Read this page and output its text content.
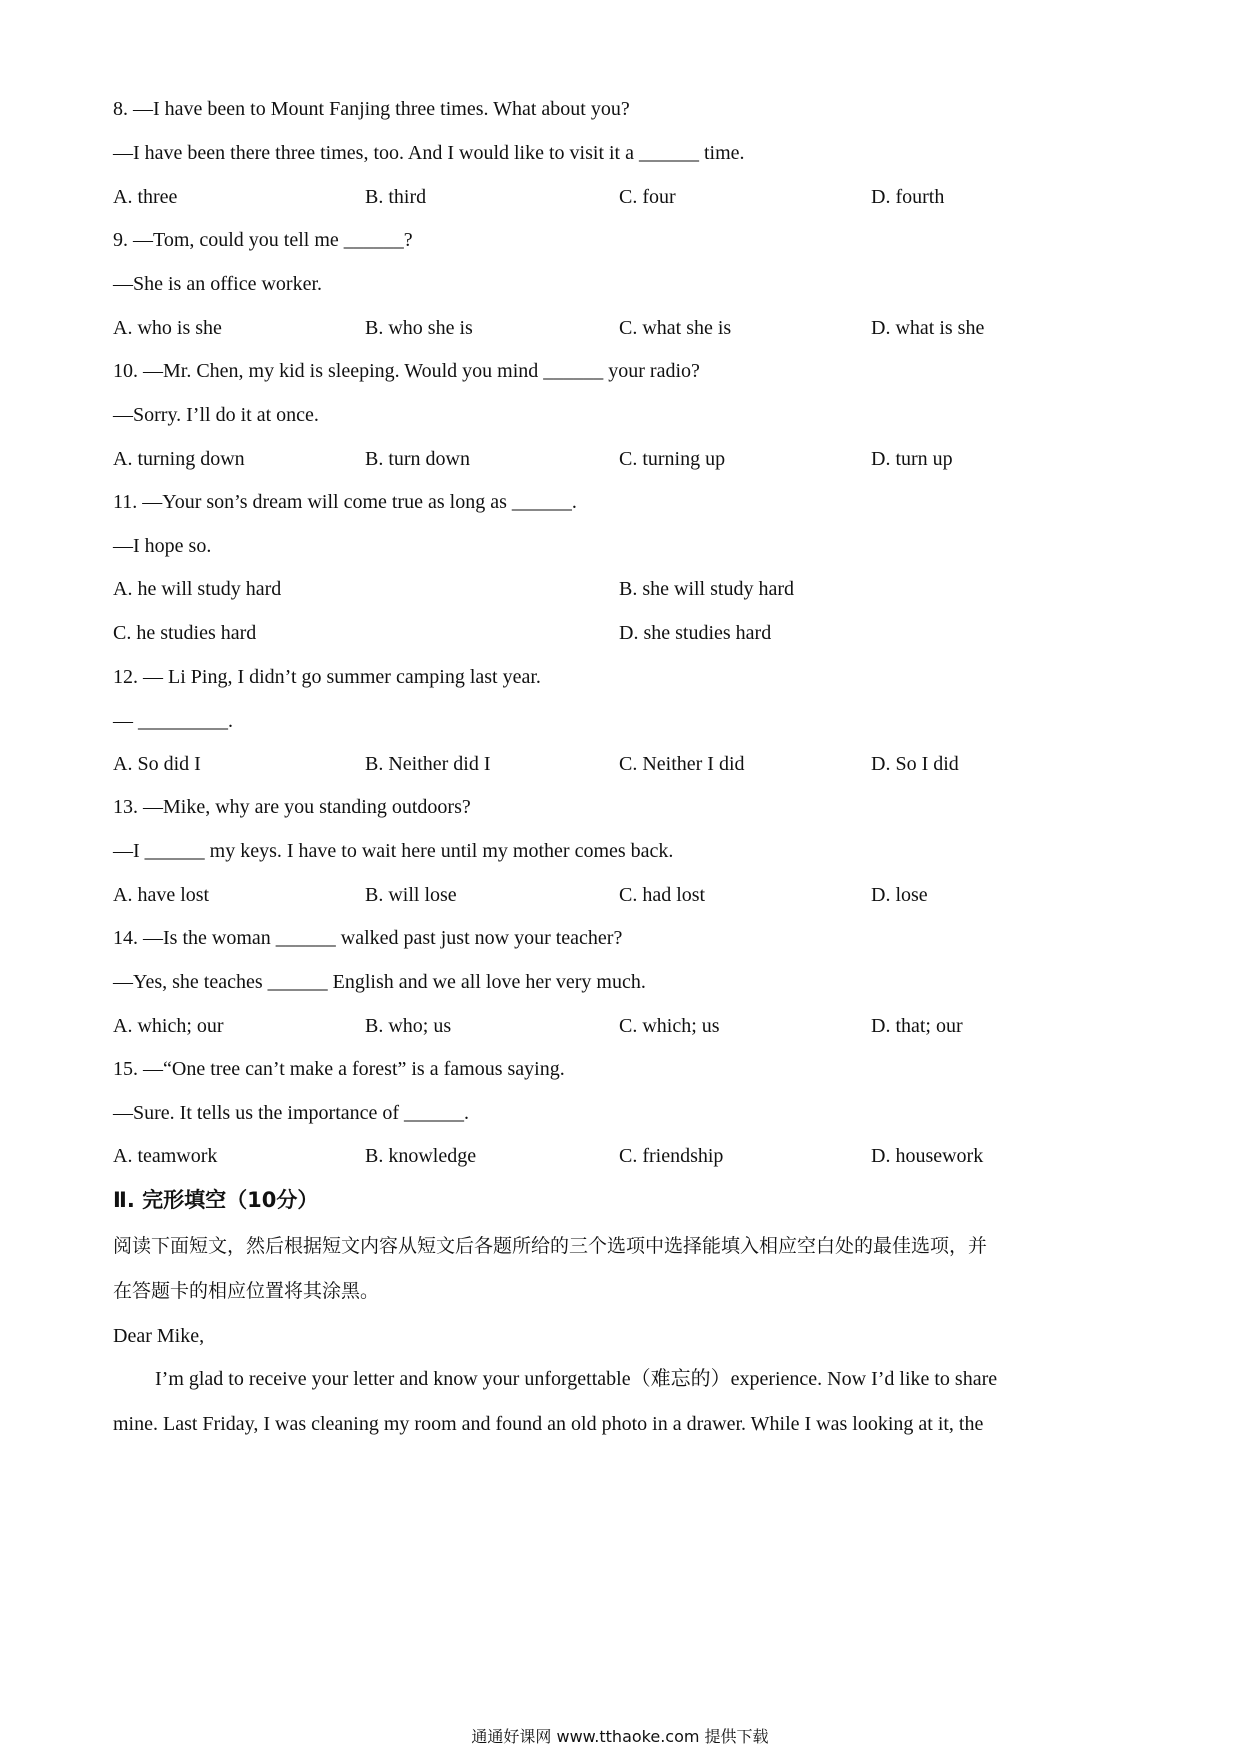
8. —I have been to Mount Fanjing three times. What about you?
—I have been there three times, too. And I would like to visit it a ______ time.
A. three	B. third	C. four	D. fourth
9. —Tom, could you tell me ______?
—She is an office worker.
A. who is she	B. who she is	C. what she is	D. what is she
10. —Mr. Chen, my kid is sleeping. Would you mind ______ your radio?
—Sorry. I’ll do it at once.
A. turning down	B. turn down	C. turning up	D. turn up
11. —Your son’s dream will come true as long as ______.
—I hope so.
A. he will study hard	B. she will study hard
C. he studies hard	D. she studies hard
12. — Li Ping, I didn’t go summer camping last year.
— _________.
A. So did I	B. Neither did I	C. Neither I did	D. So I did
13. —Mike, why are you standing outdoors?
—I ______ my keys. I have to wait here until my mother comes back.
A. have lost	B. will lose	C. had lost	D. lose
14. —Is the woman ______ walked past just now your teacher?
—Yes, she teaches ______ English and we all love her very much.
A. which; our	B. who; us	C. which; us	D. that; our
15. —“One tree can’t make a forest” is a famous saying.
—Sure. It tells us the importance of ______.
A. teamwork	B. knowledge	C. friendship	D. housework
Ⅱ. 完形填空（10分）
阅读下面短文，然后根据短文内容从短文后各题所给的三个选项中选择能填入相应空白处的最佳选项，并
在答题卡的相应位置将其涂黑。
Dear Mike,
I’m glad to receive your letter and know your unforgettable（难忘的）experience. Now I’d like to share
mine. Last Friday, I was cleaning my room and found an old photo in a drawer. While I was looking at it, the
通通好课网 www.tthaoke.com 提供下载
